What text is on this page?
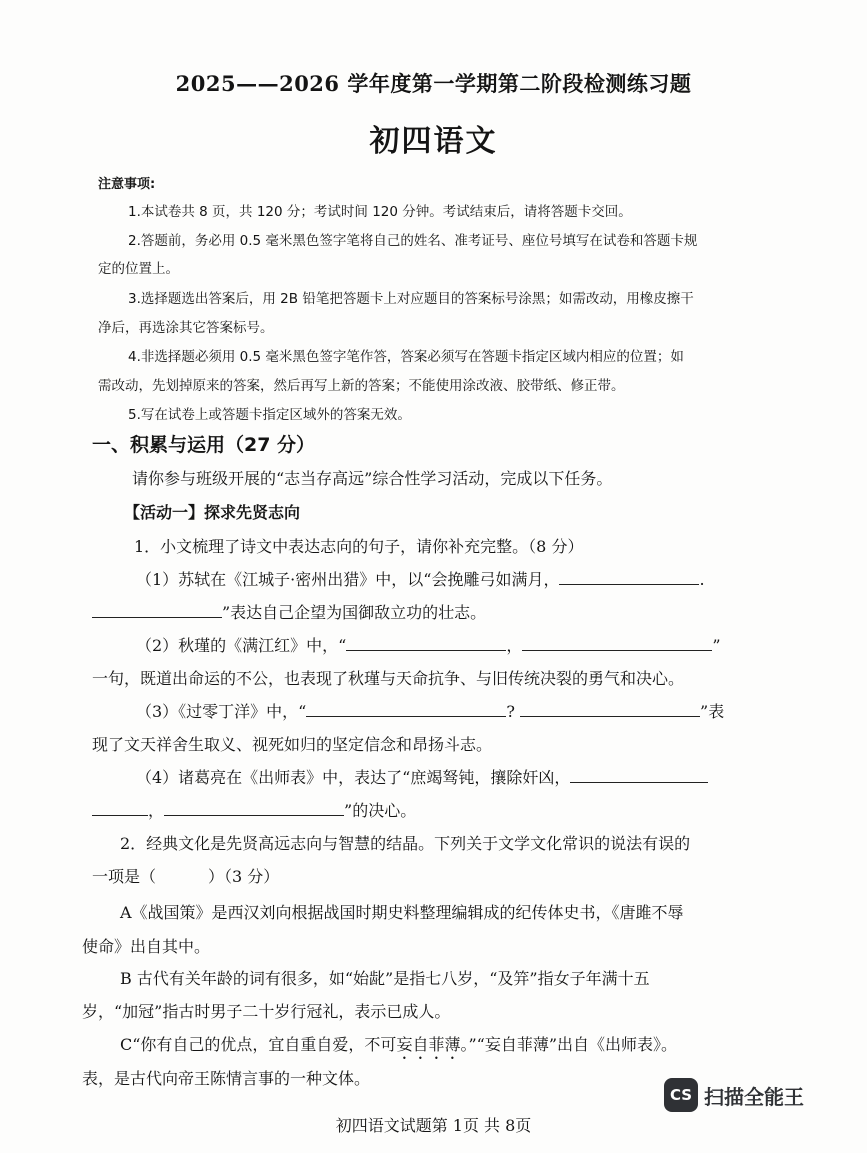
2025——2026 学年度第一学期第二阶段检测练习题
初四语文
注意事项:
1.本试卷共 8 页，共 120 分；考试时间 120 分钟。考试结束后，请将答题卡交回。
2.答题前，务必用 0.5 毫米黑色签字笔将自己的姓名、准考证号、座位号填写在试卷和答题卡规
定的位置上。
3.选择题选出答案后，用 2B 铅笔把答题卡上对应题目的答案标号涂黑；如需改动，用橡皮擦干
净后，再选涂其它答案标号。
4.非选择题必须用 0.5 毫米黑色签字笔作答，答案必须写在答题卡指定区域内相应的位置；如
需改动，先划掉原来的答案，然后再写上新的答案；不能使用涂改液、胶带纸、修正带。
5.写在试卷上或答题卡指定区域外的答案无效。
一、积累与运用（27 分）
请你参与班级开展的“志当存高远”综合性学习活动，完成以下任务。
【活动一】探求先贤志向
1．小文梳理了诗文中表达志向的句子，请你补充完整。（8 分）
（1）苏轼在《江城子·密州出猎》中，以“会挽雕弓如满月，	.
”表达自己企望为国御敌立功的壮志。
（2）秋瑾的《满江红》中，“	，	”
一句，既道出命运的不公，也表现了秋瑾与天命抗争、与旧传统决裂的勇气和决心。
（3）《过零丁洋》中，“	?	”表
现了文天祥舍生取义、视死如归的坚定信念和昂扬斗志。
（4）诸葛亮在《出师表》中，表达了“庶竭驽钝，攘除奸凶，
，	”的决心。
2．经典文化是先贤高远志向与智慧的结晶。下列关于文学文化常识的说法有误的
一项是（	）（3 分）
A《战国策》是西汉刘向根据战国时期史料整理编辑成的纪传体史书，《唐雎不辱
使命》出自其中。
B 古代有关年龄的词有很多，如“始龀”是指七八岁，“及笄”指女子年满十五
岁，“加冠”指古时男子二十岁行冠礼，表示已成人。
C“你有自己的优点，宜自重自爱，不可妄自菲薄。”“妄自菲薄”出自《出师表》。
表，是古代向帝王陈情言事的一种文体。
CS 扫描全能王
初四语文试题第 1页 共 8页
